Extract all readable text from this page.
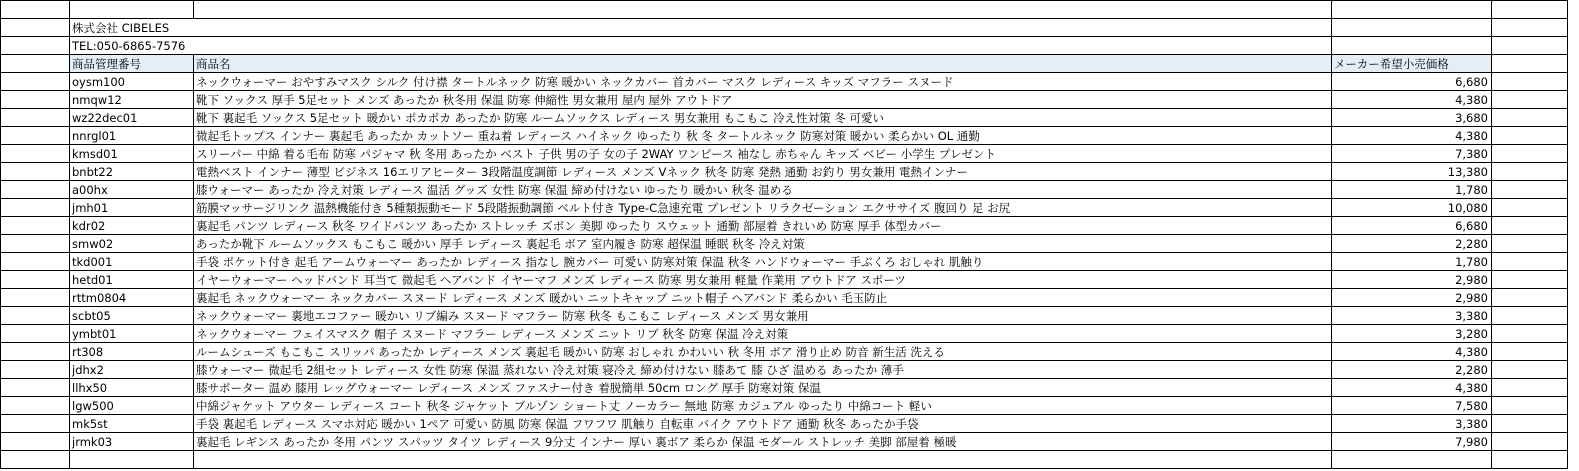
	株式会社 CIBELES			
	TEL:050-6865-7576			
	商品管理番号	商品名	メーカー希望小売価格	
	oysm100	ネックウォーマー おやすみマスク シルク 付け襟 タートルネック 防寒 暖かい ネックカバー 首カバー マスク レディース キッズ マフラー スヌード	6,680	
	nmqw12	靴下 ソックス 厚手 5足セット メンズ あったか 秋冬用 保温 防寒 伸縮性 男女兼用 屋内 屋外 アウトドア	4,380	
	wz22dec01	靴下 裏起毛 ソックス 5足セット 暖かい ポカポカ あったか 防寒 ルームソックス レディース 男女兼用 もこもこ 冷え性対策 冬 可愛い	3,680	
	nnrgl01	微起毛トップス インナー 裏起毛 あったか カットソー 重ね着 レディース ハイネック ゆったり 秋 冬 タートルネック 防寒対策 暖かい 柔らかい OL 通勤	4,380	
	kmsd01	スリーパー 中綿 着る毛布 防寒 パジャマ 秋 冬用 あったか ベスト 子供 男の子 女の子 2WAY ワンピース 袖なし 赤ちゃん キッズ ベビー 小学生 プレゼント	7,380	
	bnbt22	電熱ベスト インナー 薄型 ビジネス 16エリアヒーター 3段階温度調節 レディース メンズ Vネック 秋冬 防寒 発熱 通勤 お釣り 男女兼用 電熱インナー	13,380	
	a00hx	膝ウォーマー あったか 冷え対策 レディース 温活 グッズ 女性 防寒 保温 締め付けない ゆったり 暖かい 秋冬 温める	1,780	
	jmh01	筋膜マッサージリンク 温熱機能付き 5種類振動モード 5段階振動調節 ベルト付き Type-C急速充電 プレゼント リラクゼーション エクササイズ 腹回り 足 お尻	10,080	
	kdr02	裏起毛 パンツ レディース 秋冬 ワイドパンツ あったか ストレッチ ズボン 美脚 ゆったり スウェット 通勤 部屋着 きれいめ 防寒 厚手 体型カバー	6,680	
	smw02	あったか靴下 ルームソックス もこもこ 暖かい 厚手 レディース 裏起毛 ボア 室内履き 防寒 超保温 睡眠 秋冬 冷え対策	2,280	
	tkd001	手袋 ポケット付き 起毛 アームウォーマー あったか レディース 指なし 腕カバー 可愛い 防寒対策 保温 秋冬 ハンドウォーマー 手ぶくろ おしゃれ 肌触り	1,780	
	hetd01	イヤーウォーマー ヘッドバンド 耳当て 微起毛 ヘアバンド イヤーマフ メンズ レディース 防寒 男女兼用 軽量 作業用 アウトドア スポーツ	2,980	
	rttm0804	裏起毛 ネックウォーマー ネックカバー スヌード レディース メンズ 暖かい ニットキャップ ニット帽子 ヘアバンド 柔らかい 毛玉防止	2,980	
	scbt05	ネックウォーマー 裏地エコファー 暖かい リブ編み スヌード マフラー 防寒 秋冬 もこもこ レディース メンズ 男女兼用	3,380	
	ymbt01	ネックウォーマー フェイスマスク 帽子 スヌード マフラー レディース メンズ ニット リブ 秋冬 防寒 保温 冷え対策	3,280	
	rt308	ルームシューズ もこもこ スリッパ あったか レディース メンズ 裏起毛 暖かい 防寒 おしゃれ かわいい 秋 冬用 ボア 滑り止め 防音 新生活 洗える	4,380	
	jdhx2	膝ウォーマー 微起毛 2組セット レディース 女性 防寒 保温 蒸れない 冷え対策 寝冷え 締め付けない 膝あて 膝 ひざ 温める あったか 薄手	2,280	
	llhx50	膝サポーター 温め 膝用 レッグウォーマー レディース メンズ ファスナー付き 着脱簡単 50cm ロング 厚手 防寒対策 保温	4,380	
	lgw500	中綿ジャケット アウター レディース コート 秋冬 ジャケット ブルゾン ショート丈 ノーカラー 無地 防寒 カジュアル ゆったり 中綿コート 軽い	7,580	
	mk5st	手袋 裏起毛 レディース スマホ対応 暖かい 1ペア 可愛い 防風 防寒 保温 フワフワ 肌触り 自転車 バイク アウトドア 通勤 秋冬 あったか手袋	3,380	
	jrmk03	裏起毛 レギンス あったか 冬用 パンツ スパッツ タイツ レディース 9分丈 インナー 厚い 裏ボア 柔らか 保温 モダール ストレッチ 美脚 部屋着 極暖	7,980	
